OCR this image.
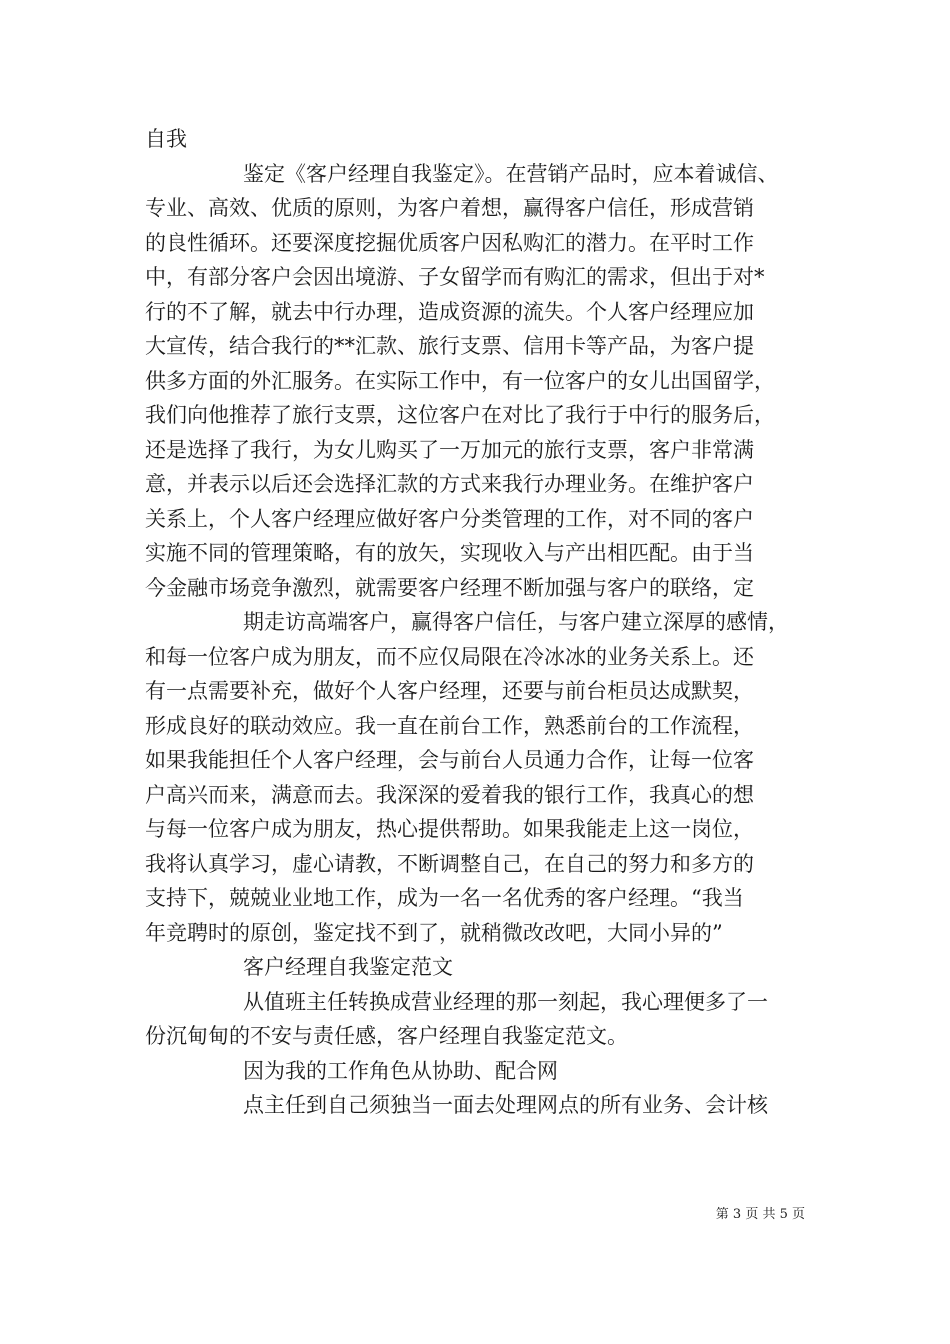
自我
鉴定《客户经理自我鉴定》。在营销产品时，应本着诚信、
专业、高效、优质的原则，为客户着想，赢得客户信任，形成营销
的良性循环。还要深度挖掘优质客户因私购汇的潜力。在平时工作
中，有部分客户会因出境游、子女留学而有购汇的需求，但出于对*
行的不了解，就去中行办理，造成资源的流失。个人客户经理应加
大宣传，结合我行的**汇款、旅行支票、信用卡等产品，为客户提
供多方面的外汇服务。在实际工作中，有一位客户的女儿出国留学，
我们向他推荐了旅行支票，这位客户在对比了我行于中行的服务后，
还是选择了我行，为女儿购买了一万加元的旅行支票，客户非常满
意，并表示以后还会选择汇款的方式来我行办理业务。在维护客户
关系上，个人客户经理应做好客户分类管理的工作，对不同的客户
实施不同的管理策略，有的放矢，实现收入与产出相匹配。由于当
今金融市场竞争激烈，就需要客户经理不断加强与客户的联络，定
期走访高端客户，赢得客户信任，与客户建立深厚的感情，
和每一位客户成为朋友，而不应仅局限在冷冰冰的业务关系上。还
有一点需要补充，做好个人客户经理，还要与前台柜员达成默契，
形成良好的联动效应。我一直在前台工作，熟悉前台的工作流程，
如果我能担任个人客户经理，会与前台人员通力合作，让每一位客
户高兴而来，满意而去。我深深的爱着我的银行工作，我真心的想
与每一位客户成为朋友，热心提供帮助。如果我能走上这一岗位，
我将认真学习，虚心请教，不断调整自己，在自己的努力和多方的
支持下，兢兢业业地工作，成为一名一名优秀的客户经理。“我当
年竞聘时的原创，鉴定找不到了，就稍微改改吧，大同小异的”
客户经理自我鉴定范文
从值班主任转换成营业经理的那一刻起，我心理便多了一
份沉甸甸的不安与责任感，客户经理自我鉴定范文。
因为我的工作角色从协助、配合网
点主任到自己须独当一面去处理网点的所有业务、会计核
第 3 页 共 5 页
